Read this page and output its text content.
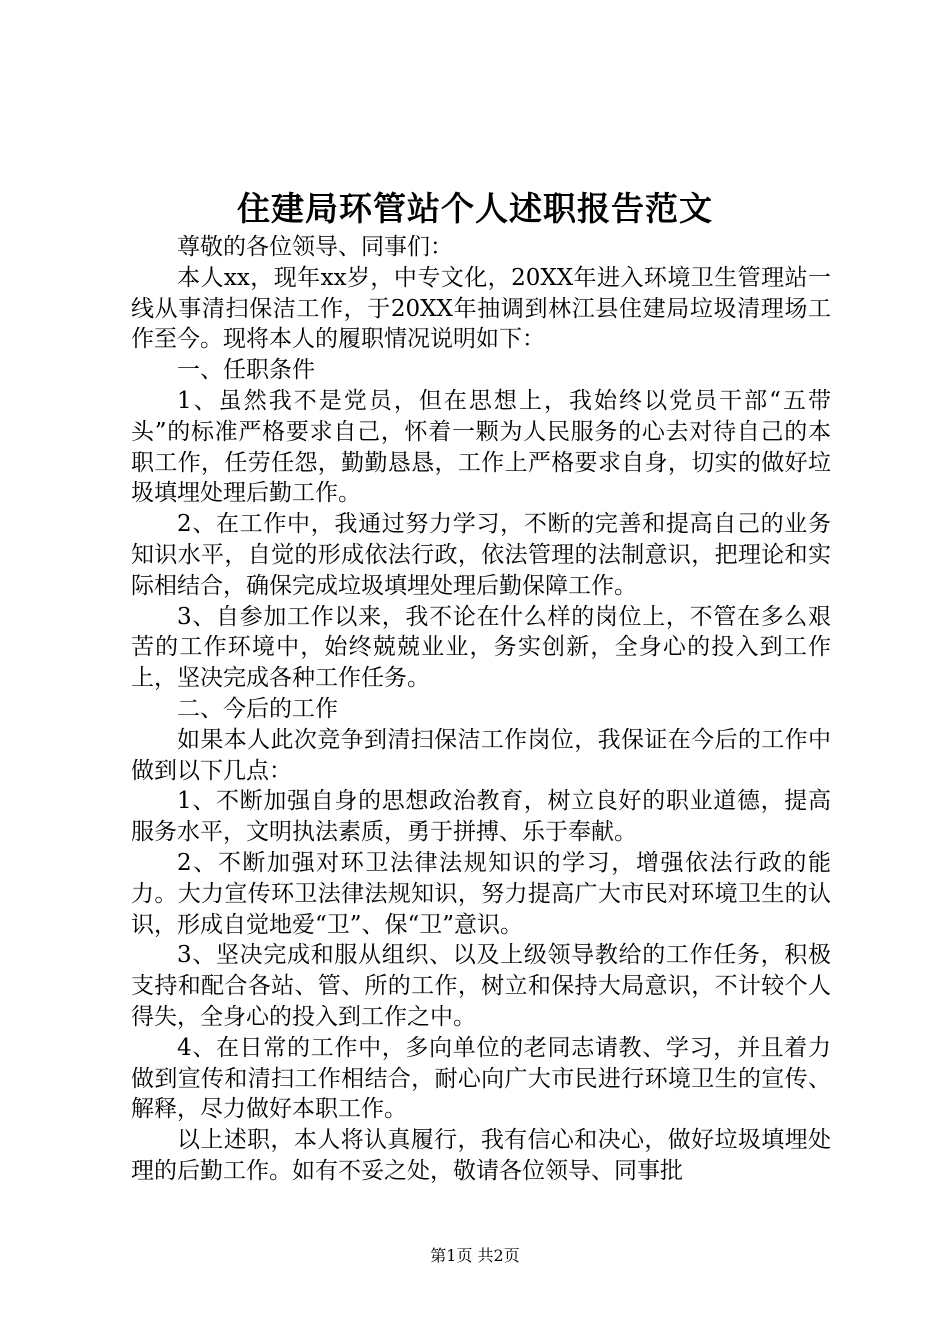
住建局环管站个人述职报告范文

尊敬的各位领导、同事们：

本人xx，现年xx岁，中专文化，20XX年进入环境卫生管理站一线从事清扫保洁工作，于20XX年抽调到林江县住建局垃圾清理场工作至今。现将本人的履职情况说明如下：

一、任职条件

1、虽然我不是党员，但在思想上，我始终以党员干部“五带头”的标准严格要求自己，怀着一颗为人民服务的心去对待自己的本职工作，任劳任怨，勤勤恳恳，工作上严格要求自身，切实的做好垃圾填埋处理后勤工作。

2、在工作中，我通过努力学习，不断的完善和提高自己的业务知识水平，自觉的形成依法行政，依法管理的法制意识，把理论和实际相结合，确保完成垃圾填埋处理后勤保障工作。

3、自参加工作以来，我不论在什么样的岗位上，不管在多么艰苦的工作环境中，始终兢兢业业，务实创新，全身心的投入到工作上，坚决完成各种工作任务。

二、今后的工作

如果本人此次竞争到清扫保洁工作岗位，我保证在今后的工作中做到以下几点：

1、不断加强自身的思想政治教育，树立良好的职业道德，提高服务水平，文明执法素质，勇于拼搏、乐于奉献。

2、不断加强对环卫法律法规知识的学习，增强依法行政的能力。大力宣传环卫法律法规知识，努力提高广大市民对环境卫生的认识，形成自觉地爱“卫”、保“卫”意识。

3、坚决完成和服从组织、以及上级领导教给的工作任务，积极支持和配合各站、管、所的工作，树立和保持大局意识，不计较个人得失，全身心的投入到工作之中。

4、在日常的工作中，多向单位的老同志请教、学习，并且着力做到宣传和清扫工作相结合，耐心向广大市民进行环境卫生的宣传、解释，尽力做好本职工作。

以上述职，本人将认真履行，我有信心和决心，做好垃圾填埋处理的后勤工作。如有不妥之处，敬请各位领导、同事批

第1页 共2页
